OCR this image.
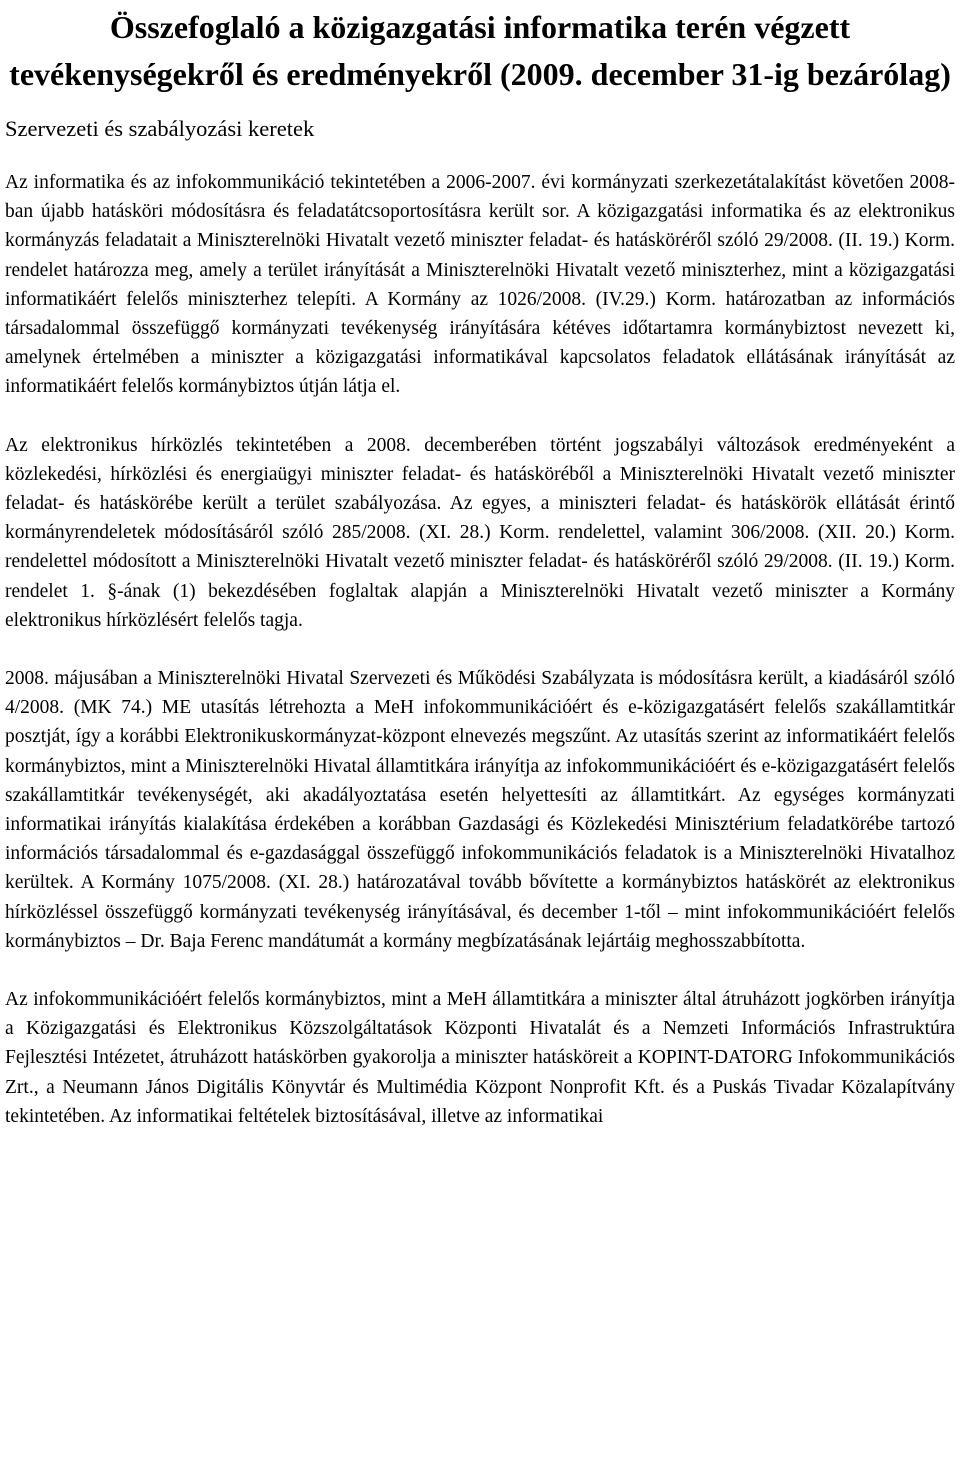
Összefoglaló a közigazgatási informatika terén végzett tevékenységekről és eredményekről (2009. december 31-ig bezárólag)
Szervezeti és szabályozási keretek

Az informatika és az infokommunikáció tekintetében a 2006-2007. évi kormányzati szerkezetátalakítást követően 2008-ban újabb hatásköri módosításra és feladatátcsoportosításra került sor. A közigazgatási informatika és az elektronikus kormányzás feladatait a Miniszterelnöki Hivatalt vezető miniszter feladat- és hatásköréről szóló 29/2008. (II. 19.) Korm. rendelet határozza meg, amely a terület irányítását a Miniszterelnöki Hivatalt vezető miniszterhez, mint a közigazgatási informatikáért felelős miniszterhez telepíti. A Kormány az 1026/2008. (IV.29.) Korm. határozatban az információs társadalommal összefüggő kormányzati tevékenység irányítására kétéves időtartamra kormánybiztost nevezett ki, amelynek értelmében a miniszter a közigazgatási informatikával kapcsolatos feladatok ellátásának irányítását az informatikáért felelős kormánybiztos útján látja el.

Az elektronikus hírközlés tekintetében a 2008. decemberében történt jogszabályi változások eredményeként a közlekedési, hírközlési és energiaügyi miniszter feladat- és hatásköréből a Miniszterelnöki Hivatalt vezető miniszter feladat- és hatáskörébe került a terület szabályozása. Az egyes, a miniszteri feladat- és hatáskörök ellátását érintő kormányrendeletek módosításáról szóló 285/2008. (XI. 28.) Korm. rendelettel, valamint 306/2008. (XII. 20.) Korm. rendelettel módosított a Miniszterelnöki Hivatalt vezető miniszter feladat- és hatásköréről szóló 29/2008. (II. 19.) Korm. rendelet 1. §-ának (1) bekezdésében foglaltak alapján a Miniszterelnöki Hivatalt vezető miniszter a Kormány elektronikus hírközlésért felelős tagja.

2008. májusában a Miniszterelnöki Hivatal Szervezeti és Működési Szabályzata is módosításra került, a kiadásáról szóló 4/2008. (MK 74.) ME utasítás létrehozta a MeH infokommunikációért és e-közigazgatásért felelős szakállamtitkár posztját, így a korábbi Elektronikuskormányzat-központ elnevezés megszűnt. Az utasítás szerint az informatikáért felelős kormánybiztos, mint a Miniszterelnöki Hivatal államtitkára irányítja az infokommunikációért és e-közigazgatásért felelős szakállamtitkár tevékenységét, aki akadályoztatása esetén helyettesíti az államtitkárt. Az egységes kormányzati informatikai irányítás kialakítása érdekében a korábban Gazdasági és Közlekedési Minisztérium feladatkörébe tartozó információs társadalommal és e-gazdasággal összefüggő infokommunikációs feladatok is a Miniszterelnöki Hivatalhoz kerültek. A Kormány 1075/2008. (XI. 28.) határozatával tovább bővítette a kormánybiztos hatáskörét az elektronikus hírközléssel összefüggő kormányzati tevékenység irányításával, és december 1-től – mint infokommunikációért felelős kormánybiztos – Dr. Baja Ferenc mandátumát a kormány megbízatásának lejártáig meghosszabbította.

Az infokommunikációért felelős kormánybiztos, mint a MeH államtitkára a miniszter által átruházott jogkörben irányítja a Közigazgatási és Elektronikus Közszolgáltatások Központi Hivatalát és a Nemzeti Információs Infrastruktúra Fejlesztési Intézetet, átruházott hatáskörben gyakorolja a miniszter hatásköreit a KOPINT-DATORG Infokommunikációs Zrt., a Neumann János Digitális Könyvtár és Multimédia Központ Nonprofit Kft. és a Puskás Tivadar Közalapítvány tekintetében. Az informatikai feltételek biztosításával, illetve az informatikai
